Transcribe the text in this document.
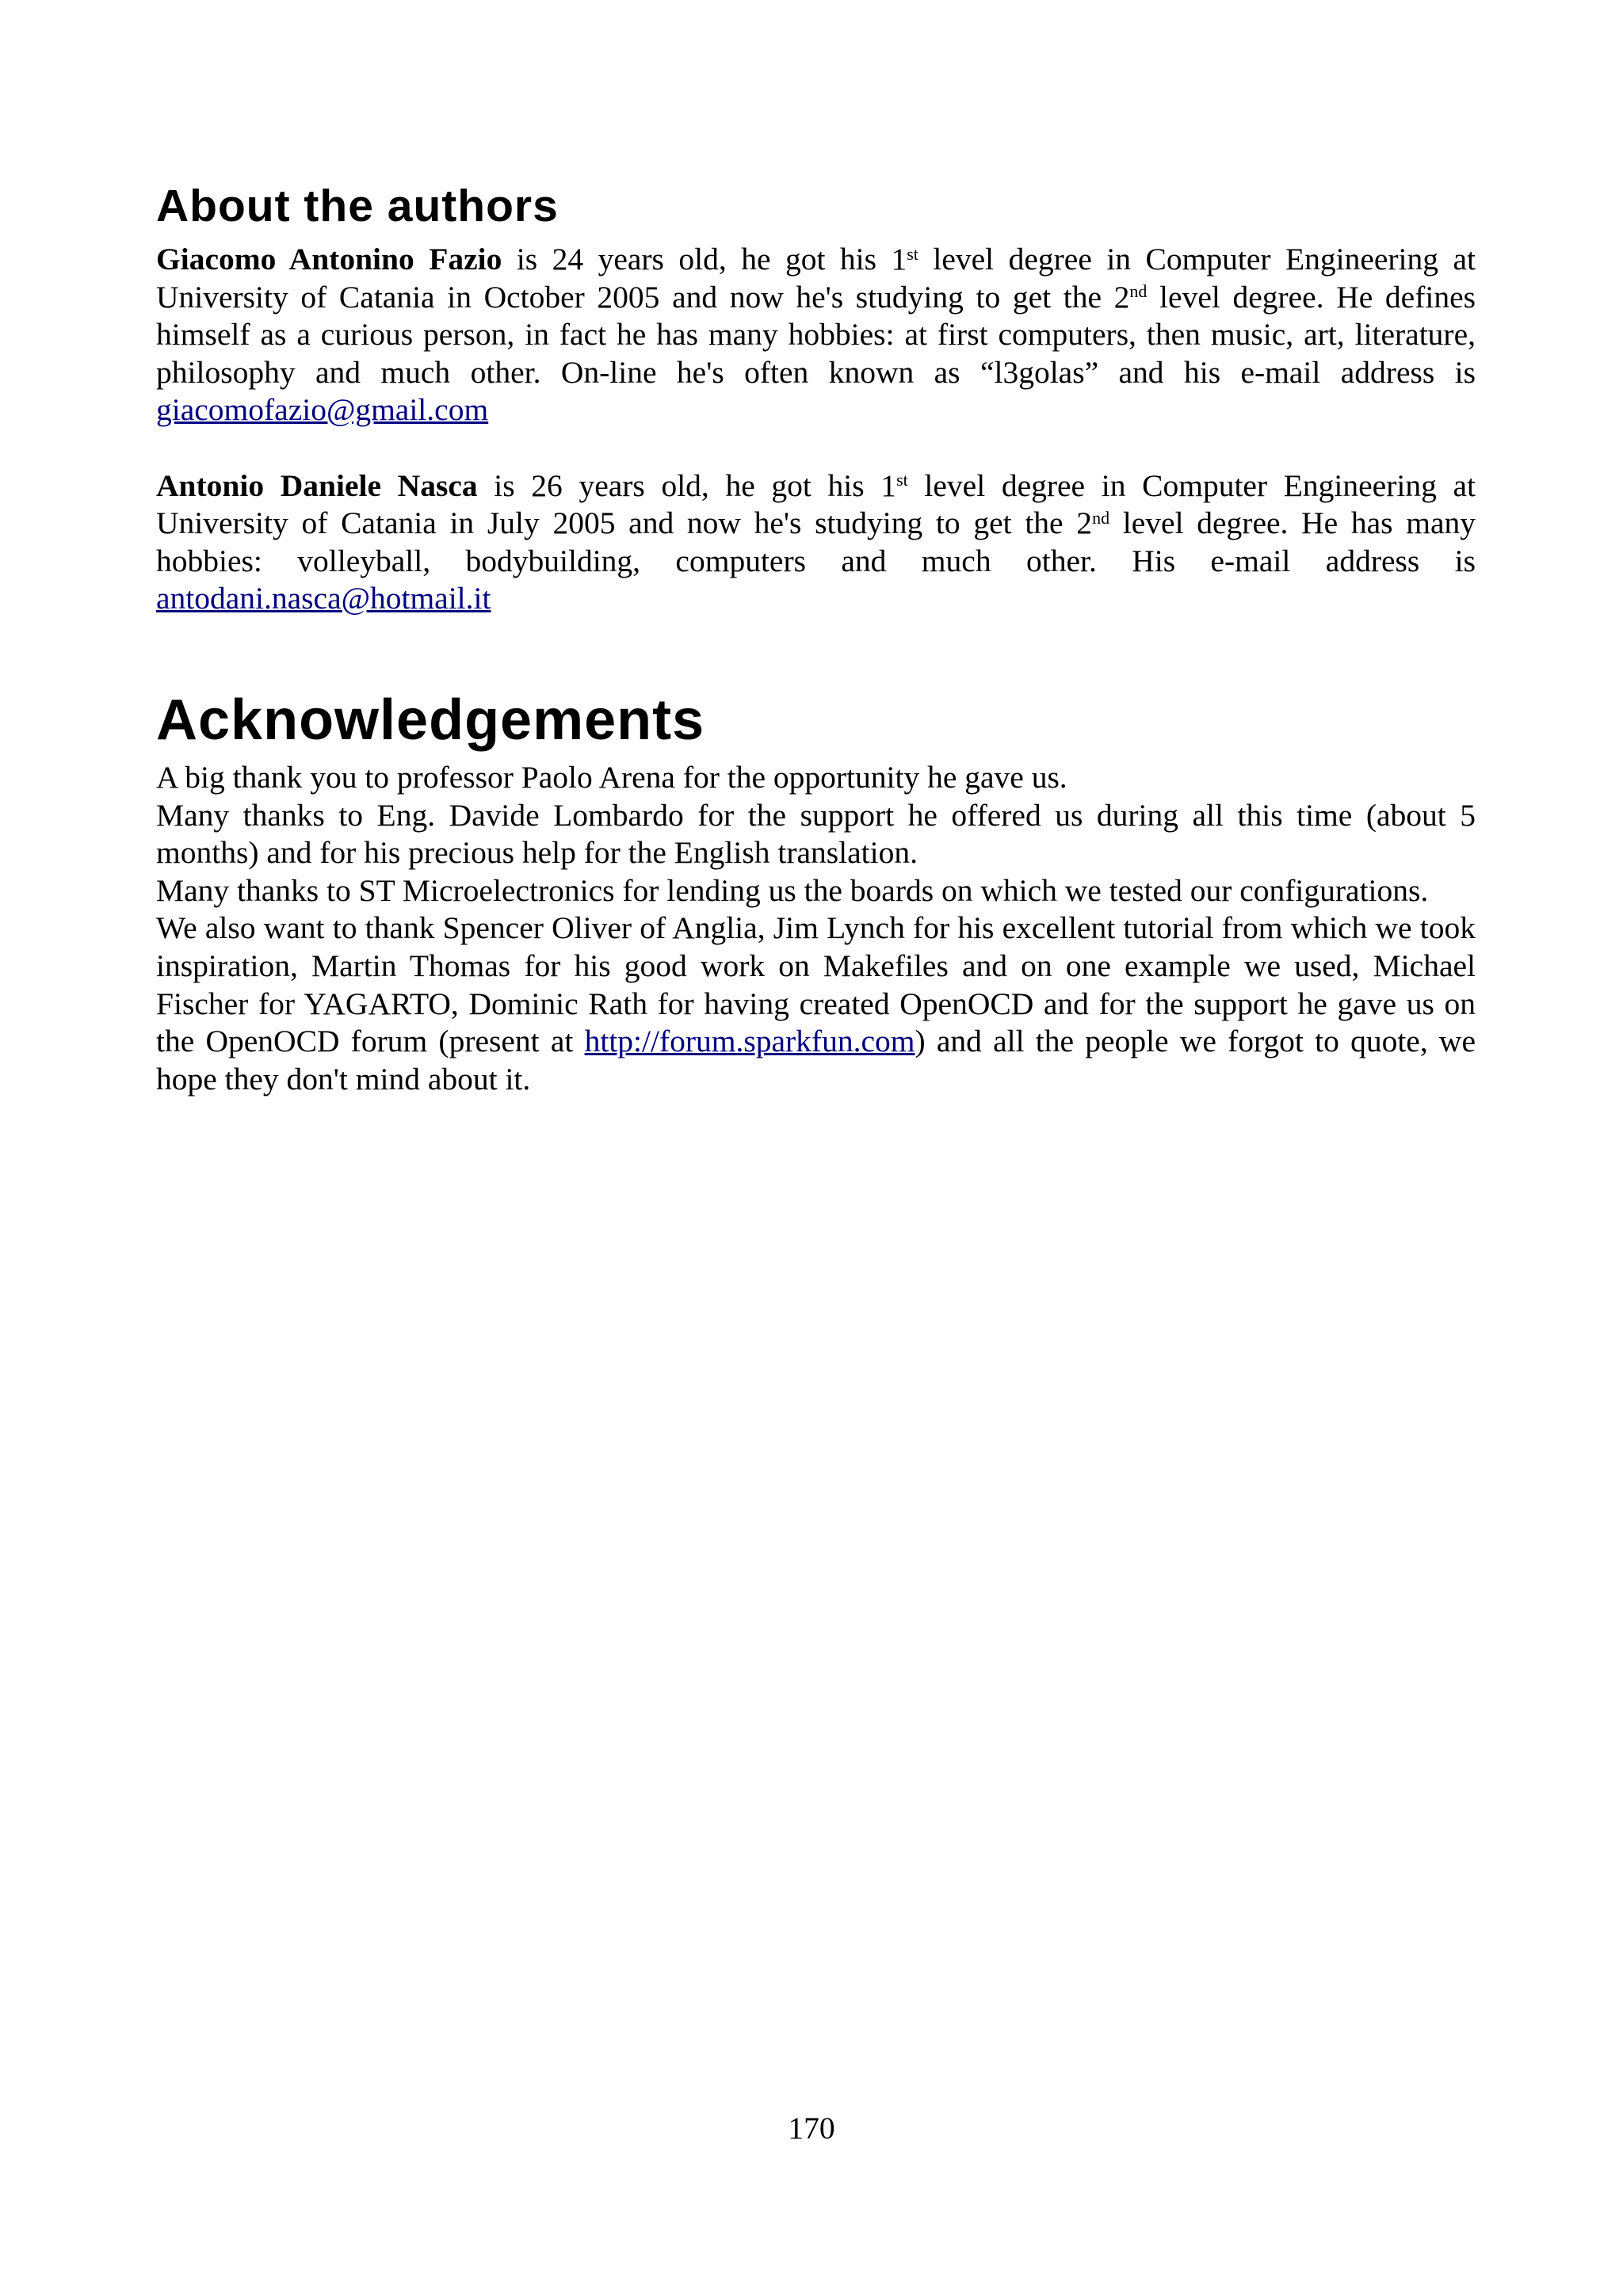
About the authors

Giacomo Antonino Fazio is 24 years old, he got his 1st level degree in Computer Engineering at University of Catania in October 2005 and now he's studying to get the 2nd level degree. He defines himself as a curious person, in fact he has many hobbies: at first computers, then music, art, literature, philosophy and much other. On-line he's often known as “l3golas” and his e-mail address is giacomofazio@gmail.com

Antonio Daniele Nasca is 26 years old, he got his 1st level degree in Computer Engineering at University of Catania in July 2005 and now he's studying to get the 2nd level degree. He has many hobbies: volleyball, bodybuilding, computers and much other. His e-mail address is antodani.nasca@hotmail.it

Acknowledgements

A big thank you to professor Paolo Arena for the opportunity he gave us.

Many thanks to Eng. Davide Lombardo for the support he offered us during all this time (about 5 months) and for his precious help for the English translation.

Many thanks to ST Microelectronics for lending us the boards on which we tested our configurations.

We also want to thank Spencer Oliver of Anglia, Jim Lynch for his excellent tutorial from which we took inspiration, Martin Thomas for his good work on Makefiles and on one example we used, Michael Fischer for YAGARTO, Dominic Rath for having created OpenOCD and for the support he gave us on the OpenOCD forum (present at http://forum.sparkfun.com) and all the people we forgot to quote, we hope they don't mind about it.

170
